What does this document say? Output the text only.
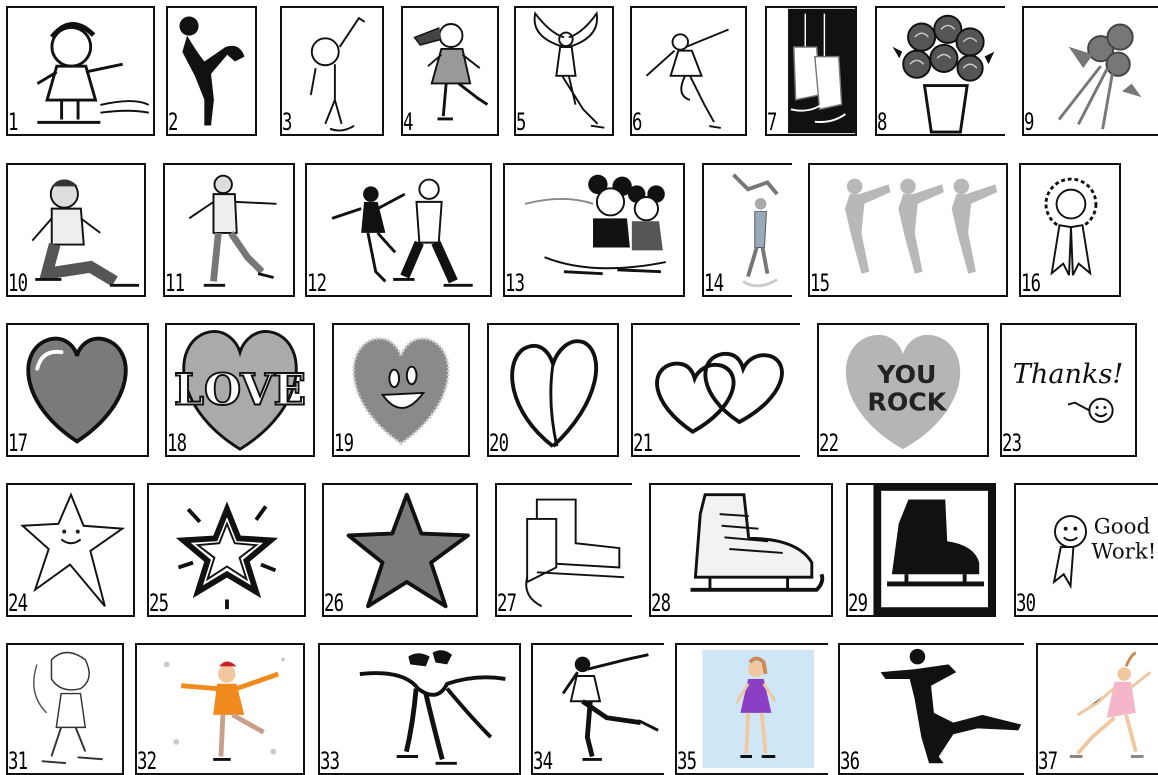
1	2	3	4	5	6	7	8	9
10	11	12	13	14	15	16
17
LOVE
18	19	20	21
YOU
ROCK
22
Thanks!
23
24	25	26	27	28	29
Good
Work!
30
31	32	33	34	35	36	37
